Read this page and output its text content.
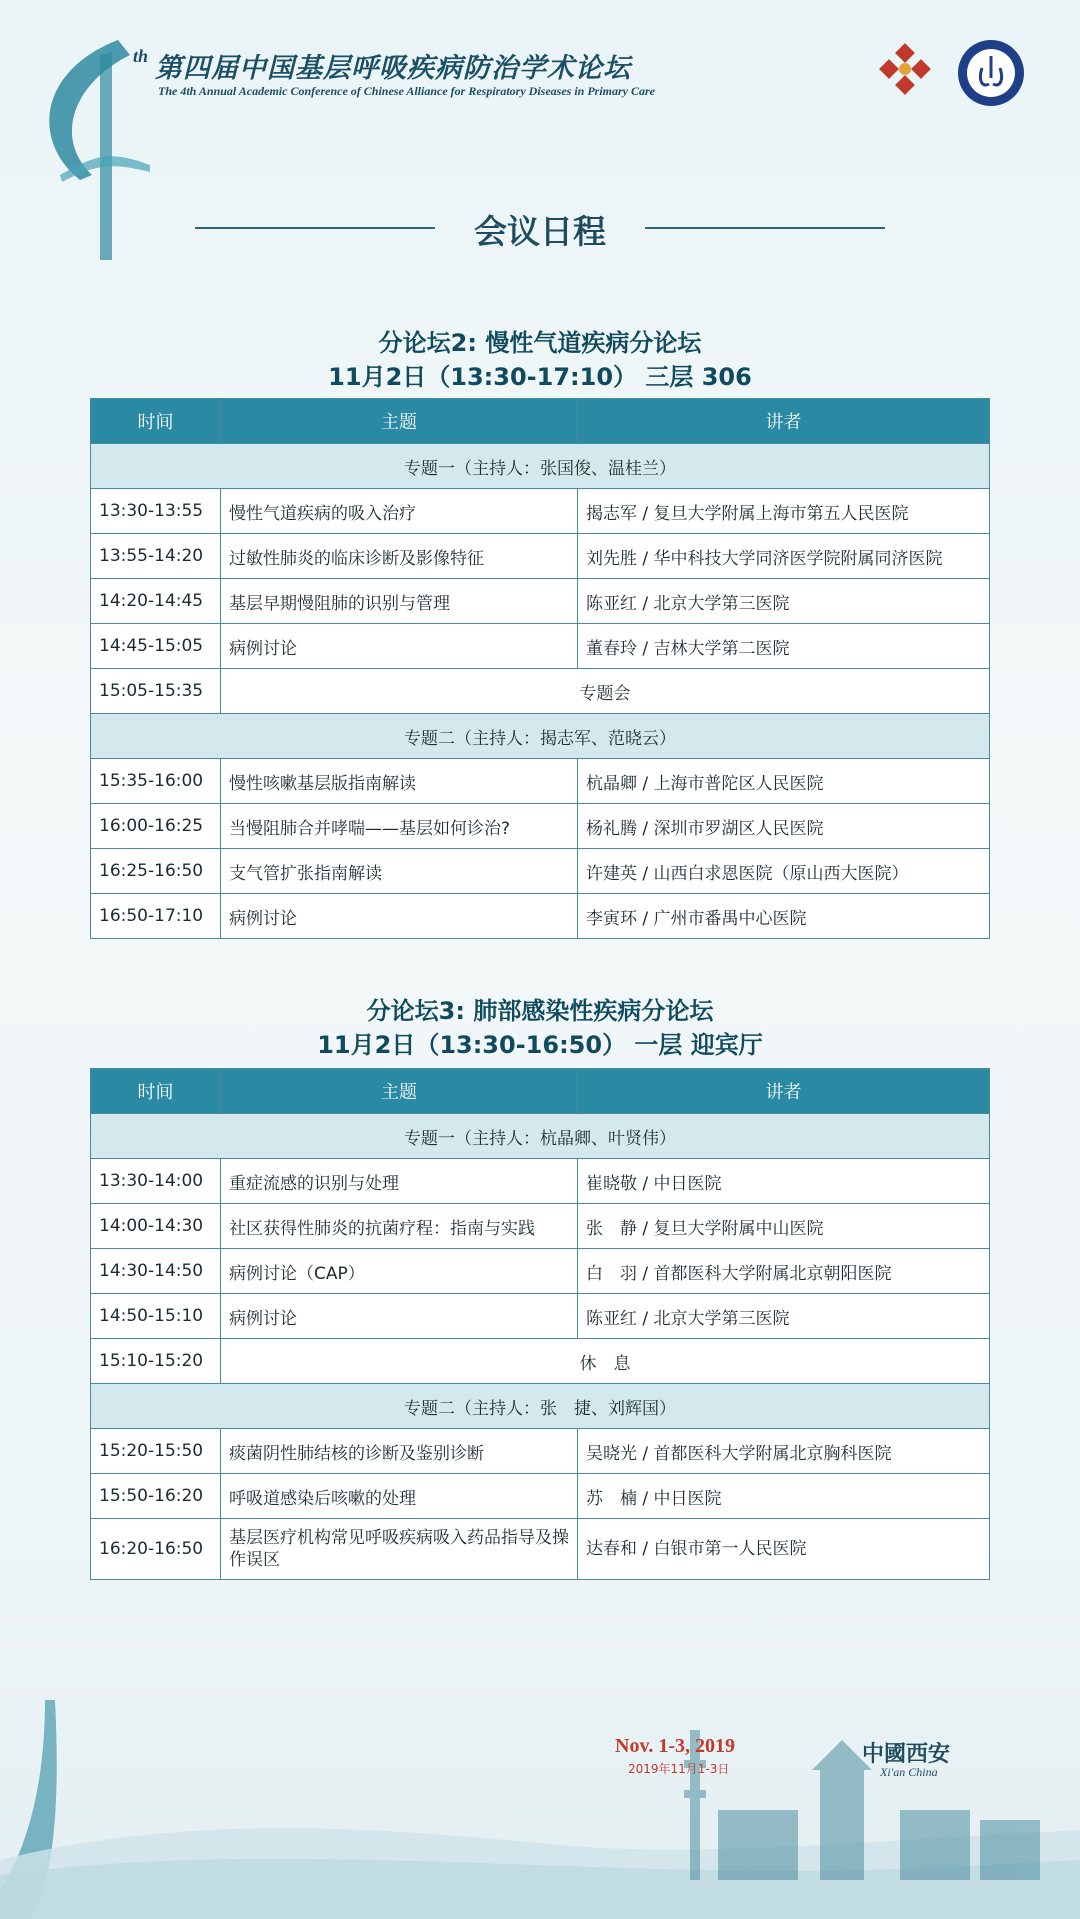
th 第四届中国基层呼吸疾病防治学术论坛
The 4th Annual Academic Conference of Chinese Alliance for Respiratory Diseases in Primary Care
会议日程
分论坛2: 慢性气道疾病分论坛
11月2日（13:30-17:10） 三层 306
时间	主题	讲者
专题一（主持人：张国俊、温桂兰）		
13:30-13:55	慢性气道疾病的吸入治疗	揭志军 / 复旦大学附属上海市第五人民医院
13:55-14:20	过敏性肺炎的临床诊断及影像特征	刘先胜 / 华中科技大学同济医学院附属同济医院
14:20-14:45	基层早期慢阻肺的识别与管理	陈亚红 / 北京大学第三医院
14:45-15:05	病例讨论	董春玲 / 吉林大学第二医院
15:05-15:35	专题会	
专题二（主持人：揭志军、范晓云）		
15:35-16:00	慢性咳嗽基层版指南解读	杭晶卿 / 上海市普陀区人民医院
16:00-16:25	当慢阻肺合并哮喘——基层如何诊治?	杨礼腾 / 深圳市罗湖区人民医院
16:25-16:50	支气管扩张指南解读	许建英 / 山西白求恩医院（原山西大医院）
16:50-17:10	病例讨论	李寅环 / 广州市番禺中心医院
分论坛3: 肺部感染性疾病分论坛
11月2日（13:30-16:50） 一层 迎宾厅
时间	主题	讲者
专题一（主持人：杭晶卿、叶贤伟）		
13:30-14:00	重症流感的识别与处理	崔晓敬 / 中日医院
14:00-14:30	社区获得性肺炎的抗菌疗程：指南与实践	张　静 / 复旦大学附属中山医院
14:30-14:50	病例讨论（CAP）	白　羽 / 首都医科大学附属北京朝阳医院
14:50-15:10	病例讨论	陈亚红 / 北京大学第三医院
15:10-15:20	休　息	
专题二（主持人：张　捷、刘辉国）		
15:20-15:50	痰菌阴性肺结核的诊断及鉴别诊断	吴晓光 / 首都医科大学附属北京胸科医院
15:50-16:20	呼吸道感染后咳嗽的处理	苏　楠 / 中日医院
16:20-16:50	基层医疗机构常见呼吸疾病吸入药品指导及操作误区	达春和 / 白银市第一人民医院
Nov. 1-3, 2019
2019年11月1-3日
中國西安
Xi'an China
